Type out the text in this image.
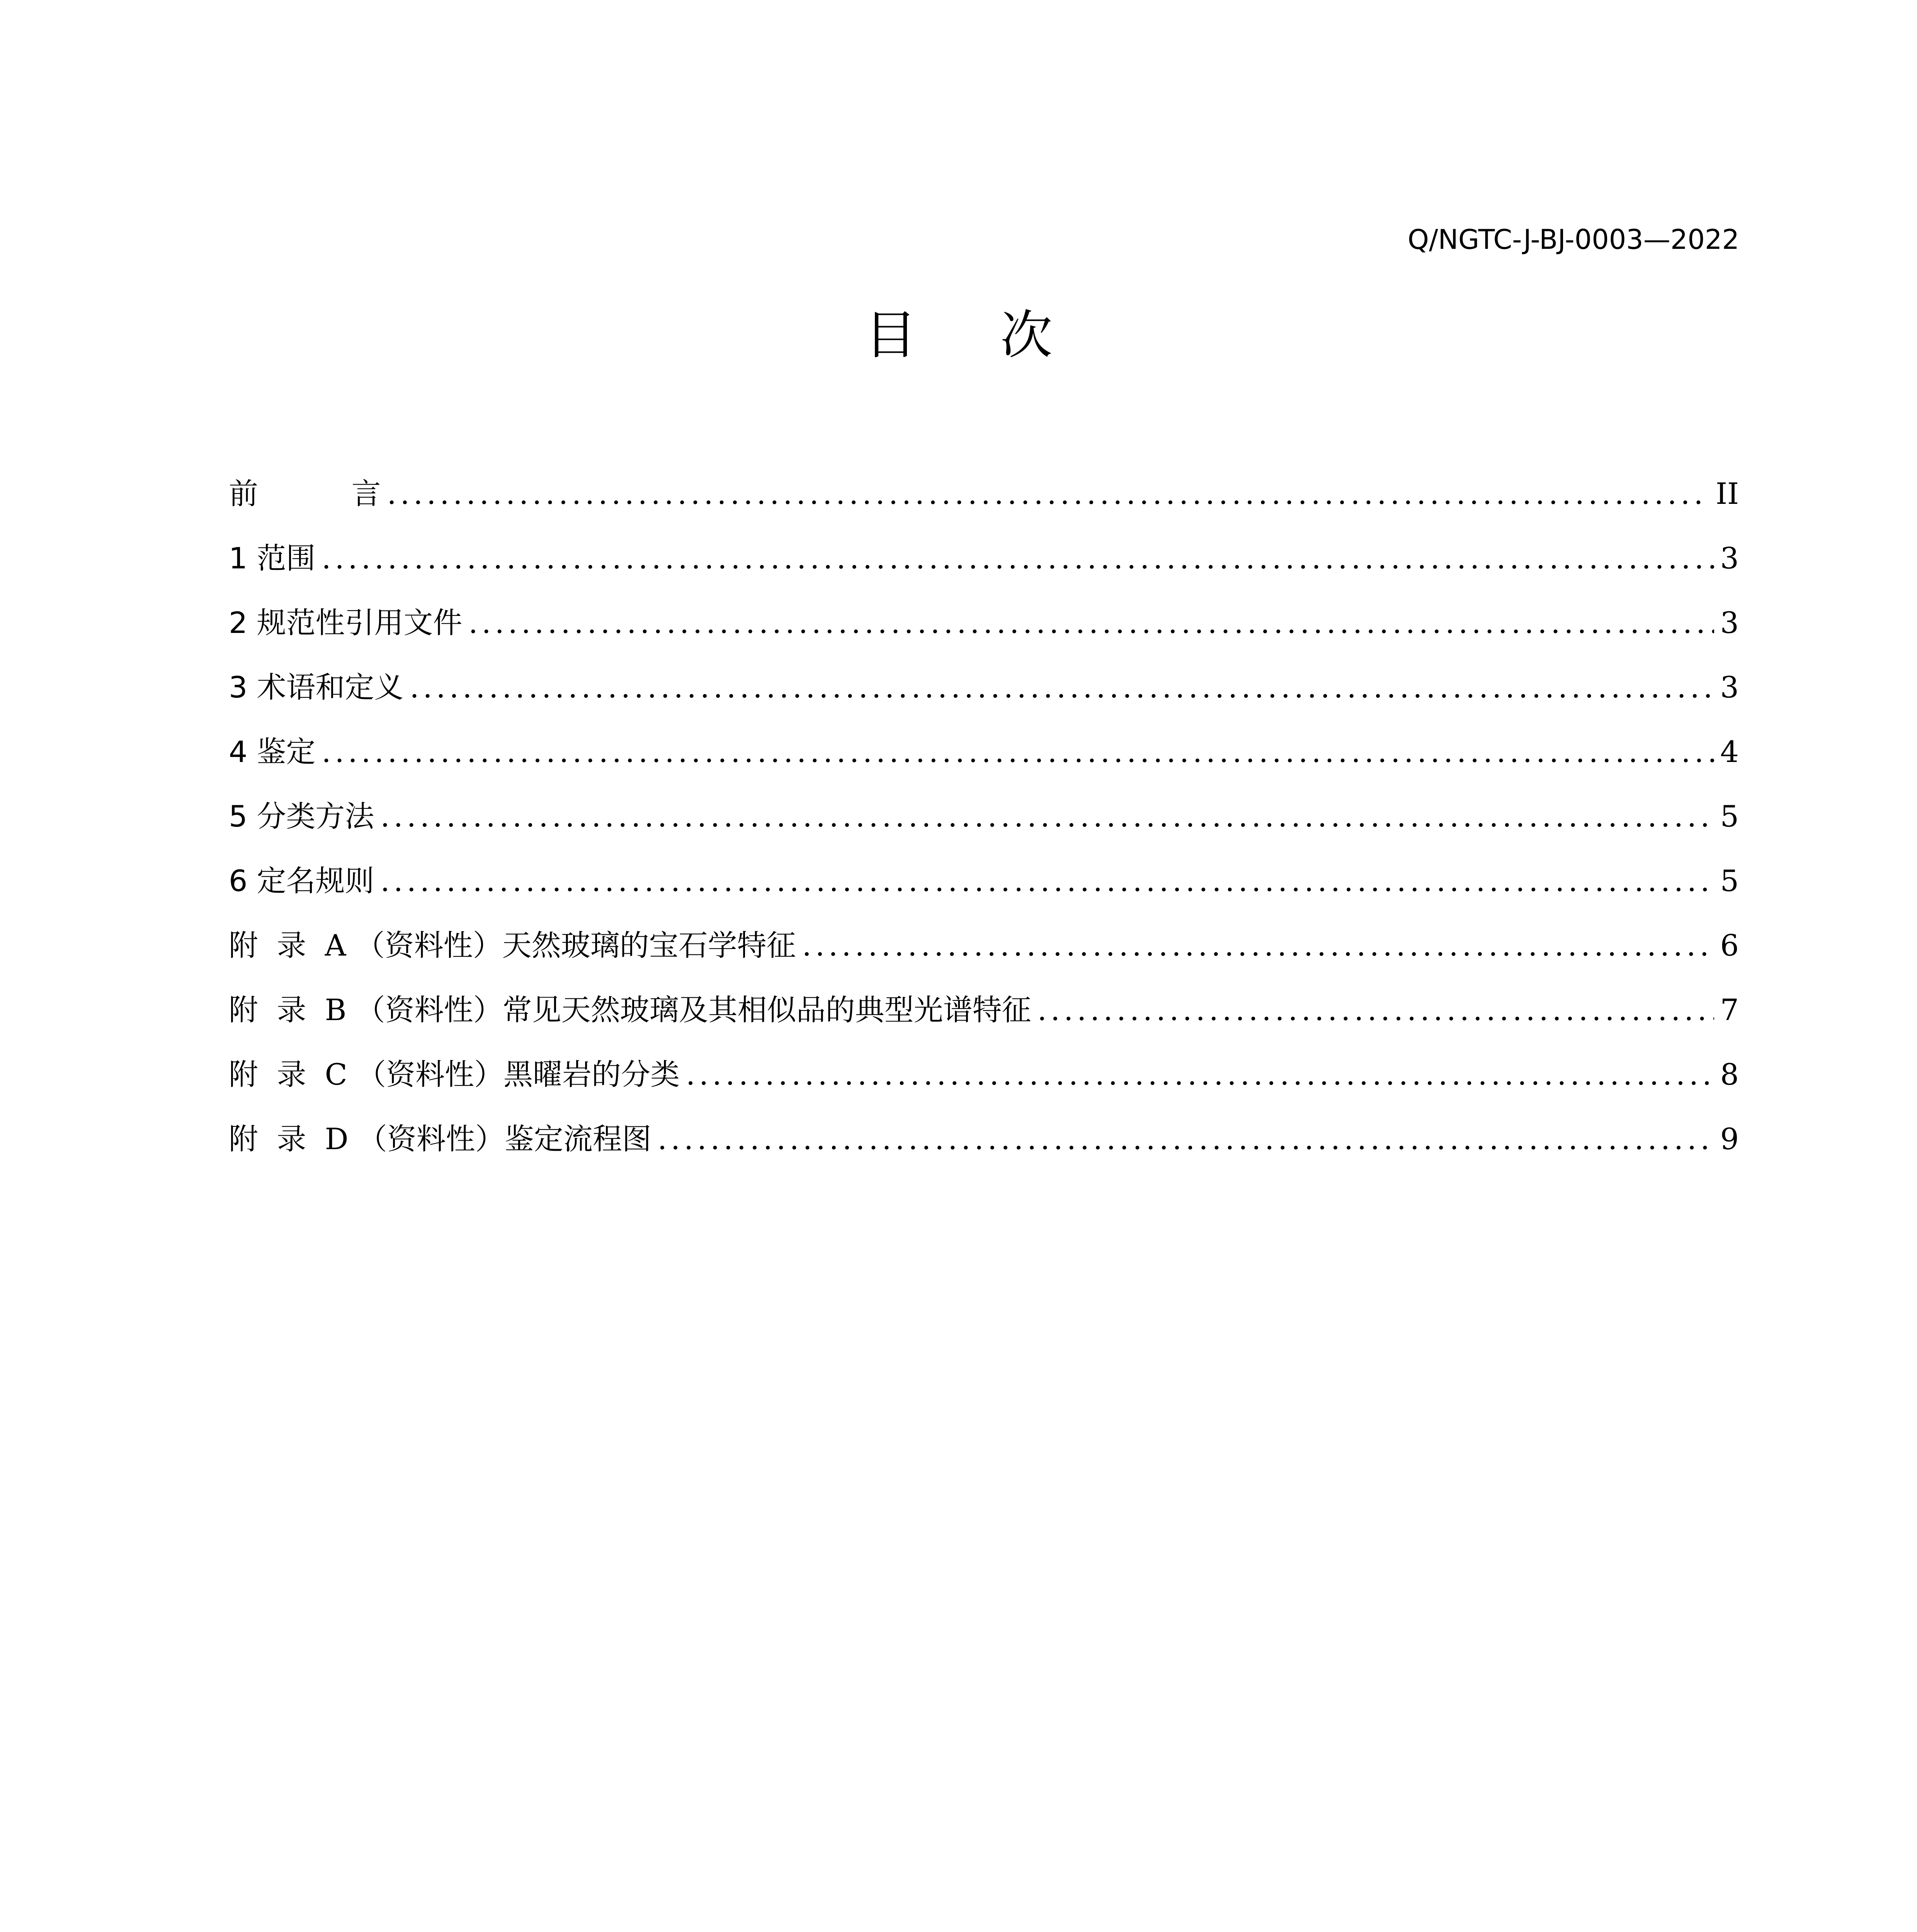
Q/NGTC-J-BJ-0003—2022
目次
前          言 .....	II
1 范围 .....	3
2 规范性引用文件 .....	3
3 术语和定义 .....	3
4 鉴定 .....	4
5 分类方法 .....	5
6 定名规则 .....	5
附  录  A （资料性）天然玻璃的宝石学特征 .....	6
附  录  B （资料性）常见天然玻璃及其相似品的典型光谱特征 .....	7
附  录  C （资料性）黑曜岩的分类 .....	8
附  录  D （资料性）鉴定流程图 .....	9
